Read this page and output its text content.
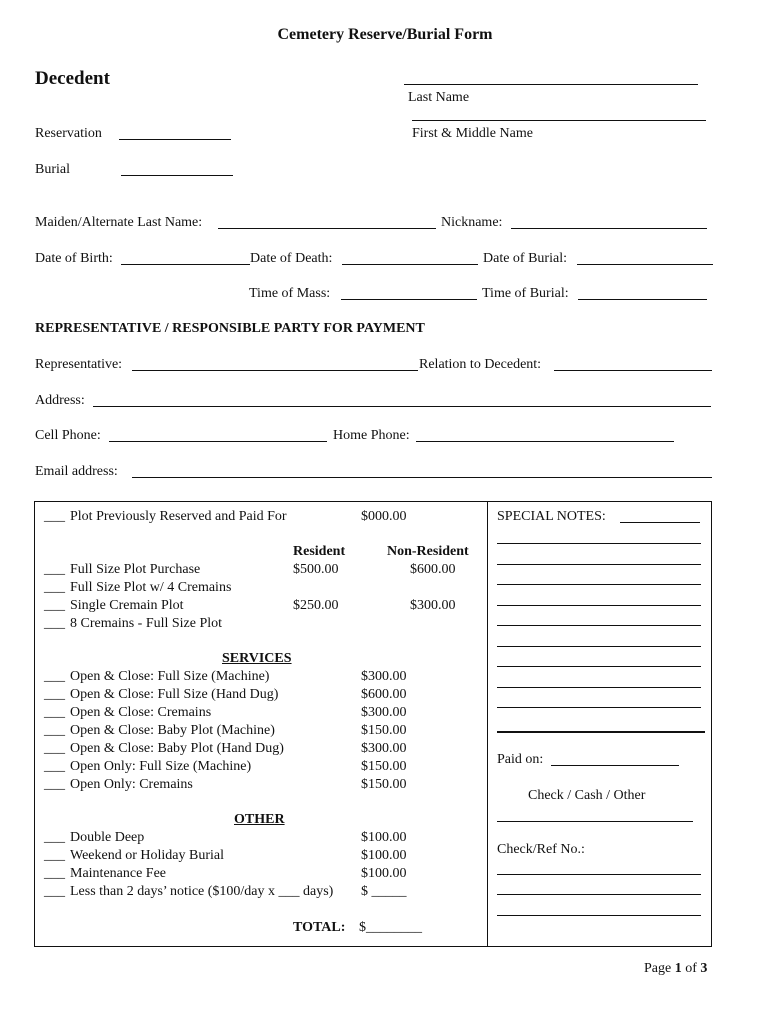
Cemetery Reserve/Burial Form
Decedent
Last Name
First & Middle Name
Reservation
Burial
Maiden/Alternate Last Name:	Nickname:
Date of Birth:	Date of Death:	Date of Burial:
Time of Mass:	Time of Burial:
REPRESENTATIVE / RESPONSIBLE PARTY FOR PAYMENT
Representative:	Relation to Decedent:
Address:
Cell Phone:	Home Phone:
Email address:
___ Plot Previously Reserved and Paid For	$000.00
Resident	Non-Resident
___ Full Size Plot Purchase	$500.00	$600.00
___ Full Size Plot w/ 4 Cremains
___ Single Cremain Plot	$250.00	$300.00
___ 8 Cremains - Full Size Plot
SERVICES
___ Open & Close: Full Size (Machine)	$300.00
___ Open & Close: Full Size (Hand Dug)	$600.00
___ Open & Close: Cremains	$300.00
___ Open & Close: Baby Plot (Machine)	$150.00
___ Open & Close: Baby Plot (Hand Dug)	$300.00
___ Open Only: Full Size (Machine)	$150.00
___ Open Only: Cremains	$150.00
OTHER
___ Double Deep	$100.00
___ Weekend or Holiday Burial	$100.00
___ Maintenance Fee	$100.00
___ Less than 2 days’ notice ($100/day x ___ days) $ _____
TOTAL: $________
SPECIAL NOTES:
Paid on:
Check / Cash / Other
Check/Ref No.:
Page 1 of 3
